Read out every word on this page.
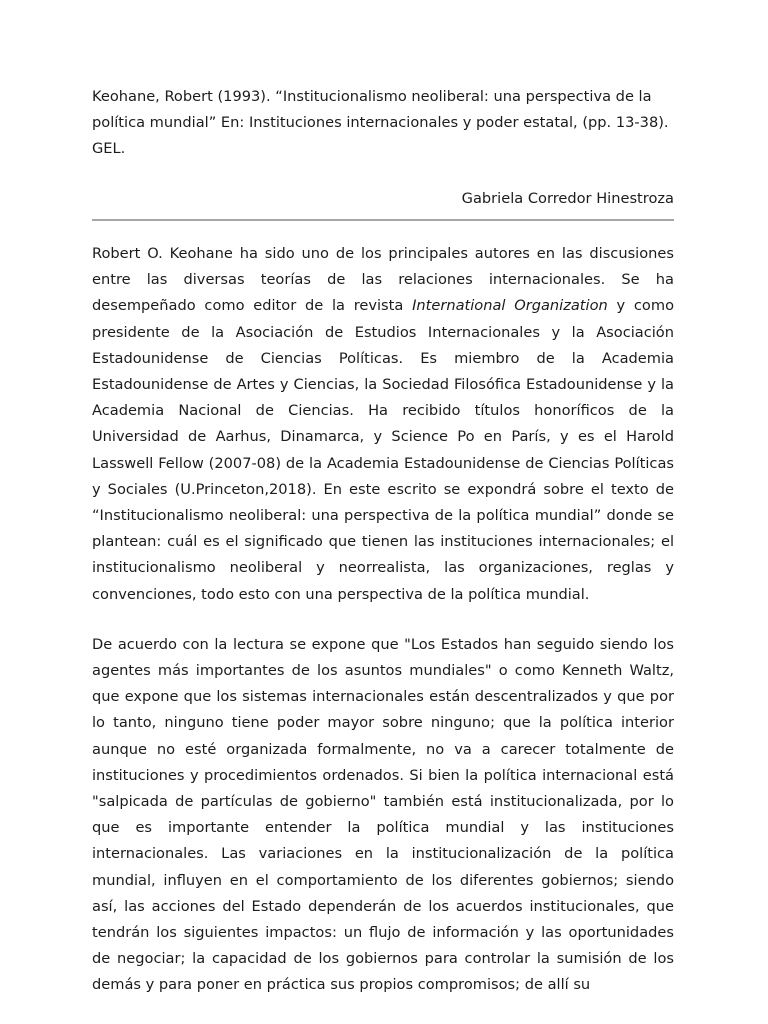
Keohane, Robert (1993). “Institucionalismo neoliberal: una perspectiva de la política mundial” En: Instituciones internacionales y poder estatal, (pp. 13-38). GEL.

Gabriela Corredor Hinestroza

Robert O. Keohane ha sido uno de los principales autores en las discusiones entre las diversas teorías de las relaciones internacionales. Se ha desempeñado como editor de la revista International Organization y como presidente de la Asociación de Estudios Internacionales y la Asociación Estadounidense de Ciencias Políticas. Es miembro de la Academia Estadounidense de Artes y Ciencias, la Sociedad Filosófica Estadounidense y la Academia Nacional de Ciencias. Ha recibido títulos honoríficos de la Universidad de Aarhus, Dinamarca, y Science Po en París, y es el Harold Lasswell Fellow (2007-08) de la Academia Estadounidense de Ciencias Políticas y Sociales (U.Princeton,2018). En este escrito se expondrá sobre el texto de “Institucionalismo neoliberal: una perspectiva de la política mundial” donde se plantean: cuál es el significado que tienen las instituciones internacionales; el institucionalismo neoliberal y neorrealista, las organizaciones, reglas y convenciones, todo esto con una perspectiva de la política mundial.

De acuerdo con la lectura se expone que "Los Estados han seguido siendo los agentes más importantes de los asuntos mundiales" o como Kenneth Waltz, que expone que los sistemas internacionales están descentralizados y que por lo tanto, ninguno tiene poder mayor sobre ninguno; que la política interior aunque no esté organizada formalmente, no va a carecer totalmente de instituciones y procedimientos ordenados. Si bien la política internacional está "salpicada de partículas de gobierno" también está institucionalizada, por lo que es importante entender la política mundial y las instituciones internacionales. Las variaciones en la institucionalización de la política mundial, influyen en el comportamiento de los diferentes gobiernos; siendo así, las acciones del Estado dependerán de los acuerdos institucionales, que tendrán los siguientes impactos: un flujo de información y las oportunidades de negociar; la capacidad de los gobiernos para controlar la sumisión de los demás y para poner en práctica sus propios compromisos; de allí su
